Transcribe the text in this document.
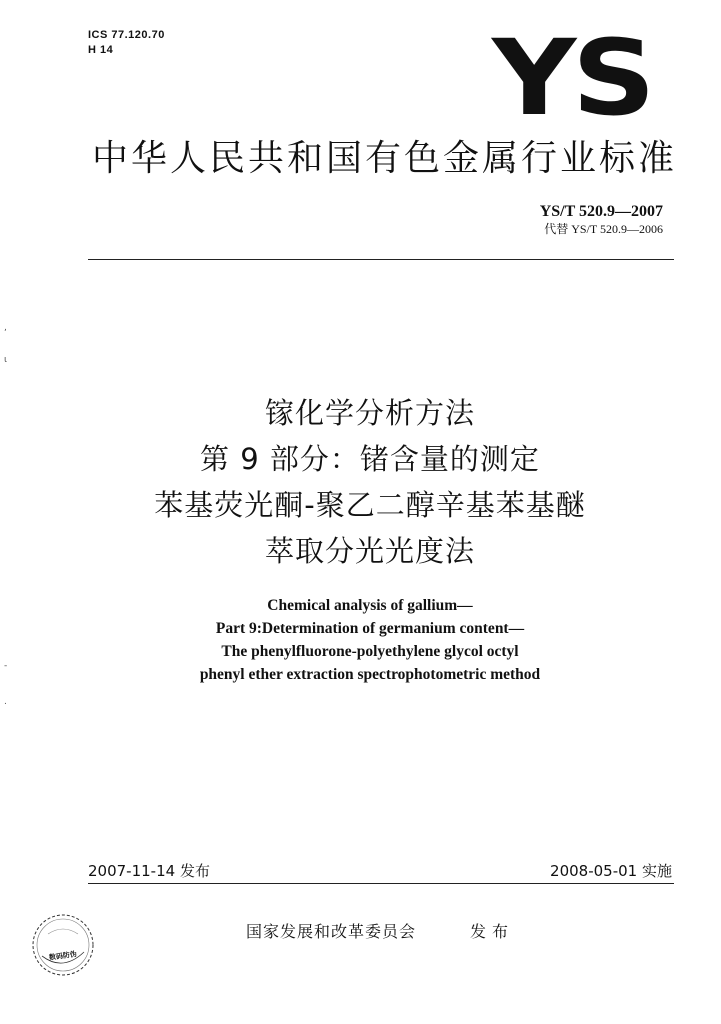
ICS 77.120.70
H 14	YS
中华人民共和国有色金属行业标准
YS/T 520.9—2007
代替 YS/T 520.9—2006
,
ι
-
.
镓化学分析方法
第 9 部分：锗含量的测定
苯基荧光酮-聚乙二醇辛基苯基醚
萃取分光光度法
Chemical analysis of gallium—
Part 9:Determination of germanium content—
The phenylfluorone-polyethylene glycol octyl
phenyl ether extraction spectrophotometric method
2007-11-14 发布	2008-05-01 实施
数码防伪
国家发展和改革委员会	发布
